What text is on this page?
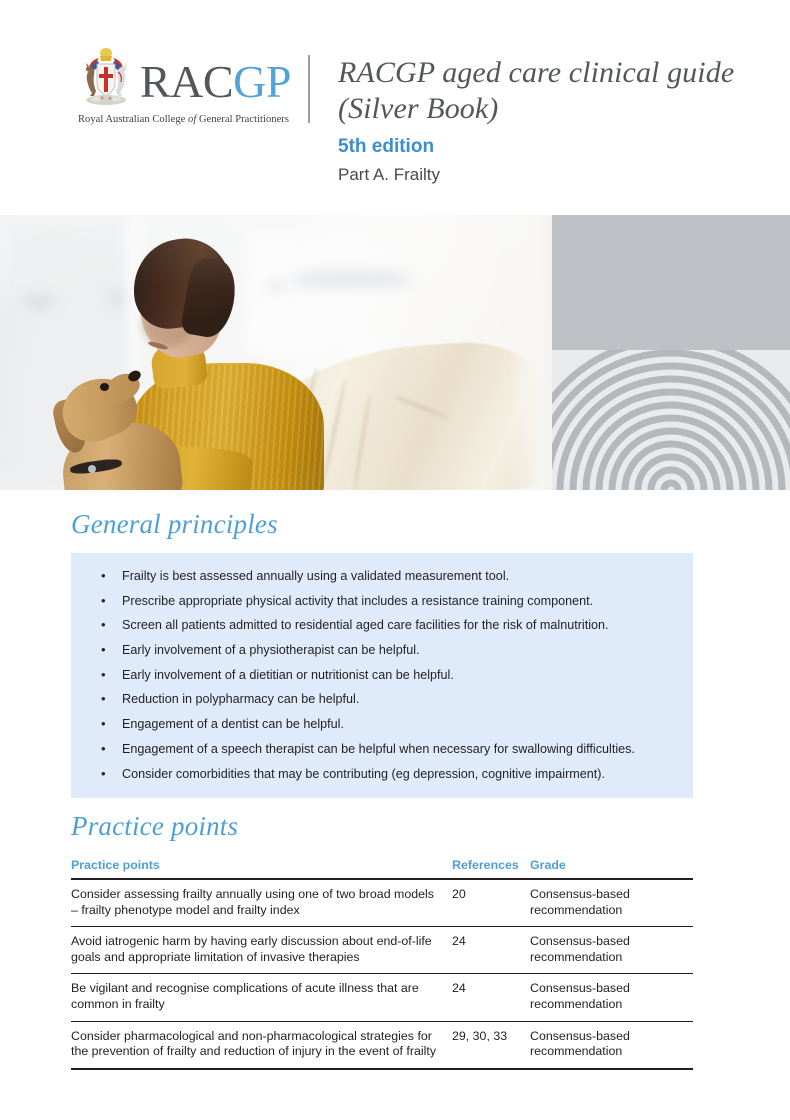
RACGP
Royal Australian College of General Practitioners
RACGP aged care clinical guide (Silver Book)

5th edition

Part A. Frailty

General principles
• Frailty is best assessed annually using a validated measurement tool.
• Prescribe appropriate physical activity that includes a resistance training component.
• Screen all patients admitted to residential aged care facilities for the risk of malnutrition.
• Early involvement of a physiotherapist can be helpful.
• Early involvement of a dietitian or nutritionist can be helpful.
• Reduction in polypharmacy can be helpful.
• Engagement of a dentist can be helpful.
• Engagement of a speech therapist can be helpful when necessary for swallowing difficulties.
• Consider comorbidities that may be contributing (eg depression, cognitive impairment).
Practice points
Practice points	References	Grade
Consider assessing frailty annually using one of two broad models – frailty phenotype model and frailty index	20	Consensus-based recommendation
Avoid iatrogenic harm by having early discussion about end-of-life goals and appropriate limitation of invasive therapies	24	Consensus-based recommendation
Be vigilant and recognise complications of acute illness that are common in frailty	24	Consensus-based recommendation
Consider pharmacological and non-pharmacological strategies for the prevention of frailty and reduction of injury in the event of frailty	29, 30, 33	Consensus-based recommendation
